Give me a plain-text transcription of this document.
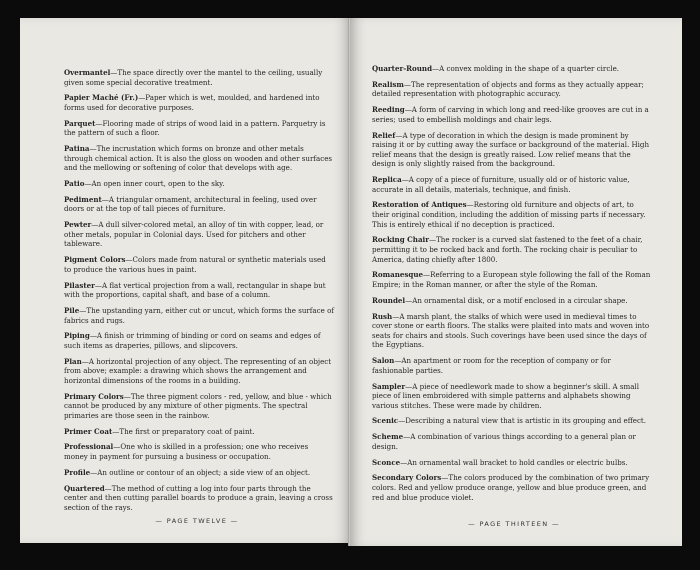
Overmantel—The space directly over the mantel to the ceiling, usually given some special decorative treatment.

Papier Maché (Fr.)—Paper which is wet, moulded, and hardened into forms used for decorative purposes.

Parquet—Flooring made of strips of wood laid in a pattern. Parquetry is the pattern of such a floor.

Patina—The incrustation which forms on bronze and other metals through chemical action. It is also the gloss on wooden and other surfaces and the mellowing or softening of color that develops with age.

Patio—An open inner court, open to the sky.

Pediment—A triangular ornament, architectural in feeling, used over doors or at the top of tall pieces of furniture.

Pewter—A dull silver-colored metal, an alloy of tin with copper, lead, or other metals, popular in Colonial days. Used for pitchers and other tableware.

Pigment Colors—Colors made from natural or synthetic materials used to produce the various hues in paint.

Pilaster—A flat vertical projection from a wall, rectangular in shape but with the proportions, capital shaft, and base of a column.

Pile—The upstanding yarn, either cut or uncut, which forms the surface of fabrics and rugs.

Piping—A finish or trimming of binding or cord on seams and edges of such items as draperies, pillows, and slipcovers.

Plan—A horizontal projection of any object. The representing of an object from above; example: a drawing which shows the arrangement and horizontal dimensions of the rooms in a building.

Primary Colors—The three pigment colors - red, yellow, and blue - which cannot be produced by any mixture of other pigments. The spectral primaries are those seen in the rainbow.

Primer Coat—The first or preparatory coat of paint.

Professional—One who is skilled in a profession; one who receives money in payment for pursuing a business or occupation.

Profile—An outline or contour of an object; a side view of an object.

Quartered—The method of cutting a log into four parts through the center and then cutting parallel boards to produce a grain, leaving a cross section of the rays.

— PAGE TWELVE —

Quarter-Round—A convex molding in the shape of a quarter circle.

Realism—The representation of objects and forms as they actually appear; detailed representation with photographic accuracy.

Reeding—A form of carving in which long and reed-like grooves are cut in a series; used to embellish moldings and chair legs.

Relief—A type of decoration in which the design is made prominent by raising it or by cutting away the surface or background of the material. High relief means that the design is greatly raised. Low relief means that the design is only slightly raised from the background.

Replica—A copy of a piece of furniture, usually old or of historic value, accurate in all details, materials, technique, and finish.

Restoration of Antiques—Restoring old furniture and objects of art, to their original condition, including the addition of missing parts if necessary. This is entirely ethical if no deception is practiced.

Rocking Chair—The rocker is a curved slat fastened to the feet of a chair, permitting it to be rocked back and forth. The rocking chair is peculiar to America, dating chiefly after 1800.

Romanesque—Referring to a European style following the fall of the Roman Empire; in the Roman manner, or after the style of the Roman.

Roundel—An ornamental disk, or a motif enclosed in a circular shape.

Rush—A marsh plant, the stalks of which were used in medieval times to cover stone or earth floors. The stalks were plaited into mats and woven into seats for chairs and stools. Such coverings have been used since the days of the Egyptians.

Salon—An apartment or room for the reception of company or for fashionable parties.

Sampler—A piece of needlework made to show a beginner's skill. A small piece of linen embroidered with simple patterns and alphabets showing various stitches. These were made by children.

Scenic—Describing a natural view that is artistic in its grouping and effect.

Scheme—A combination of various things according to a general plan or design.

Sconce—An ornamental wall bracket to hold candles or electric bulbs.

Secondary Colors—The colors produced by the combination of two primary colors. Red and yellow produce orange, yellow and blue produce green, and red and blue produce violet.

— PAGE THIRTEEN —
